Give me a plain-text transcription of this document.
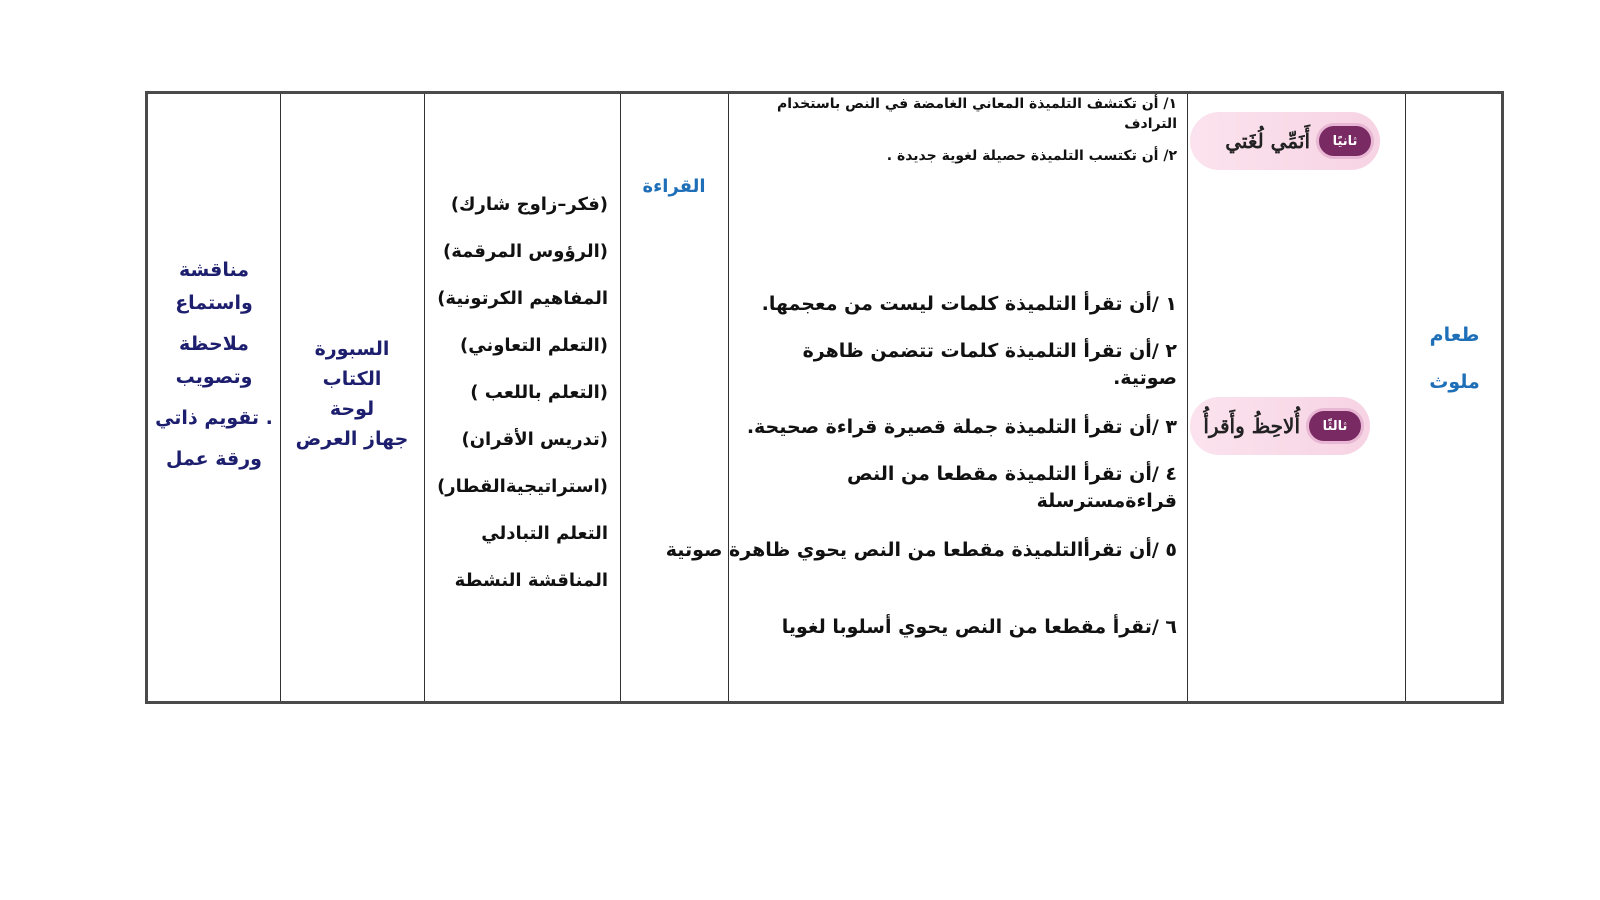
مناقشة واستماع
ملاحظة وتصويب
. تقويم ذاتي
ورقة عمل
السبورة
الكتاب
لوحة
جهاز العرض
(فكر–زاوج شارك)
(الرؤوس المرقمة)
المفاهيم الكرتونية)
(التعلم التعاوني)
(التعلم باللعب )
(تدريس الأقران)
(استراتيجيةالقطار)
التعلم التبادلي
المناقشة النشطة
القراءة
١/ أن تكتشف التلميذة المعاني الغامضة في النص باستخدام الترادف
٢/ أن تكتسب التلميذة حصيلة لغوية جديدة .
١ /أن تقرأ التلميذة كلمات ليست من معجمها.
٢ /أن تقرأ التلميذة كلمات تتضمن ظاهرة صوتية.
٣ /أن تقرأ التلميذة جملة قصيرة قراءة صحيحة.
٤ /أن تقرأ التلميذة مقطعا من النص قراءةمسترسلة
٥ /أن تقرأالتلميذة مقطعا من النص يحوي ظاهرة صوتية
٦ /تقرأ مقطعا من النص يحوي أسلوبا لغويا
ثانيًا
أَنَمِّي لُغَتي
ثالثًا
أُلاحِظُ وأَقرأُ
طعام
ملوث
